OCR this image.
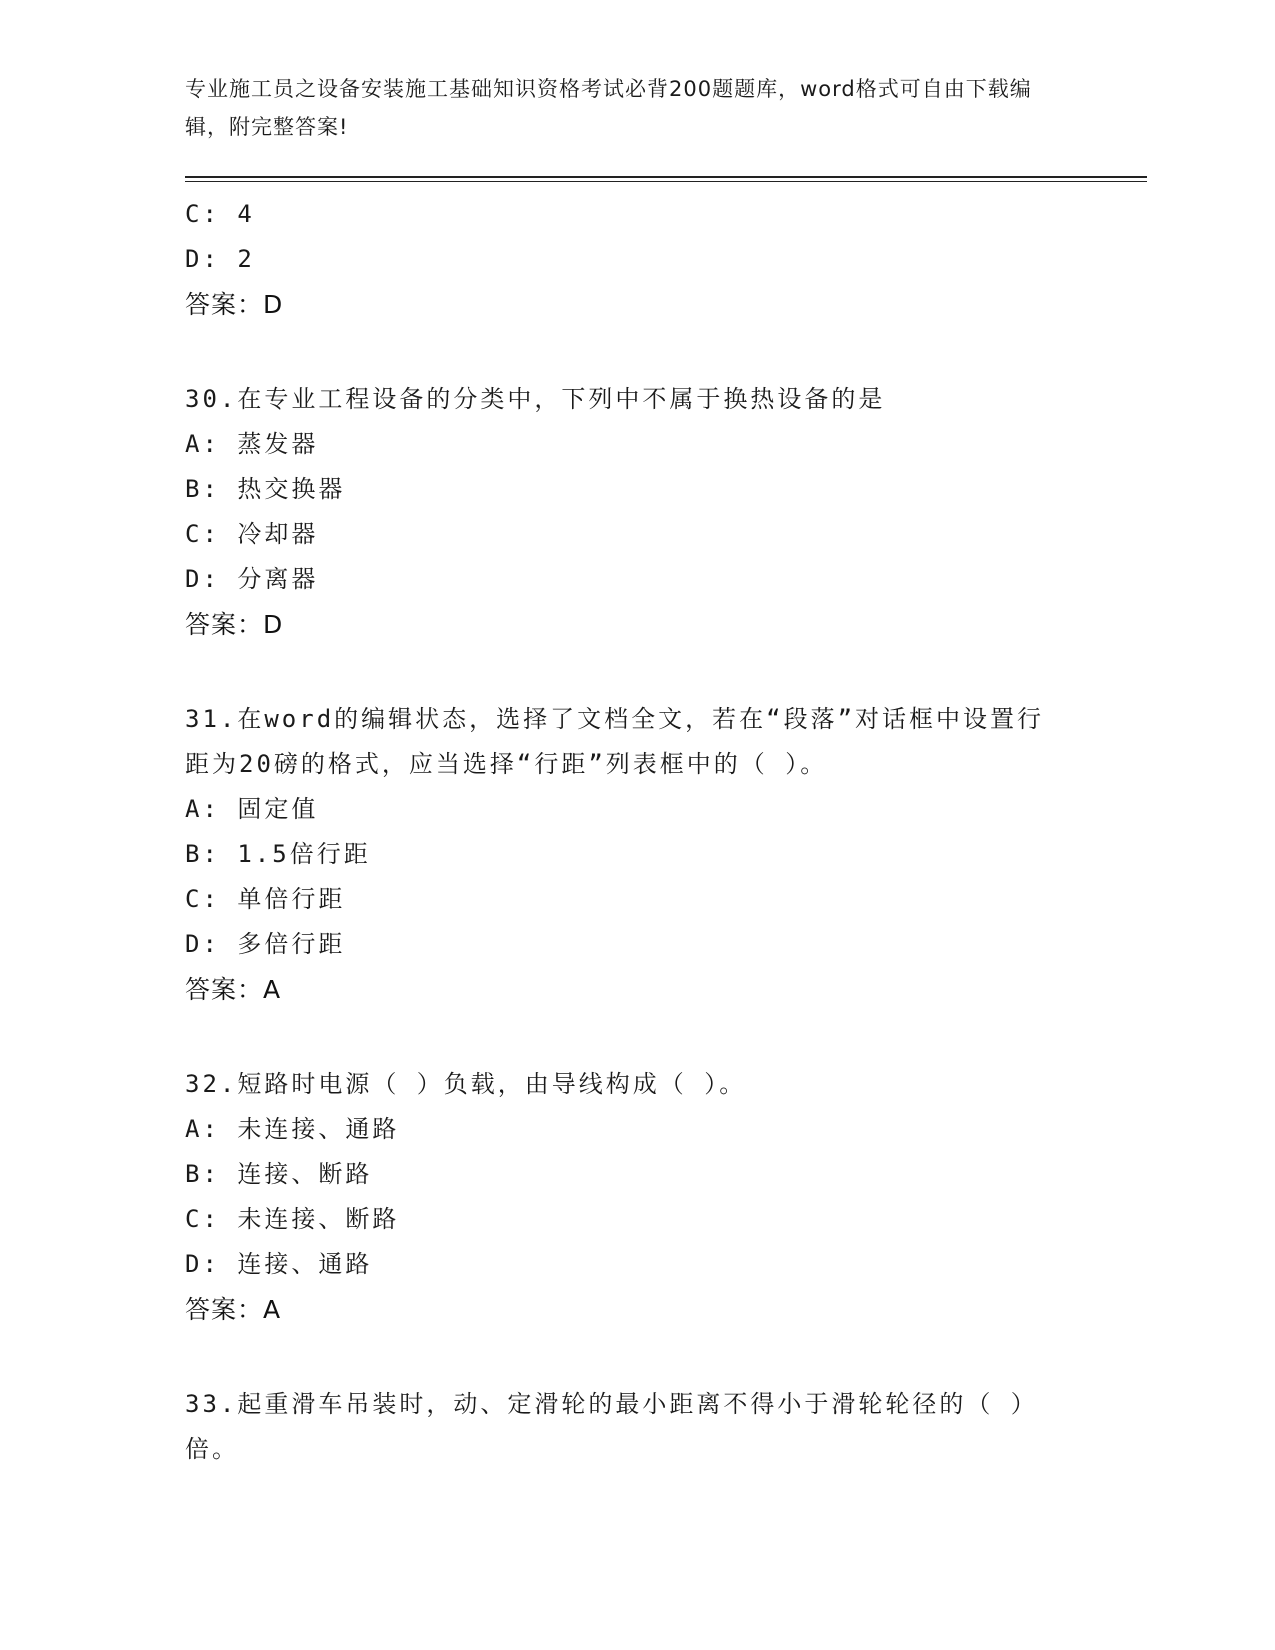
专业施工员之设备安装施工基础知识资格考试必背200题题库，word格式可自由下载编辑，附完整答案!
C: 4
D: 2
答案：D
30.在专业工程设备的分类中，下列中不属于换热设备的是
A: 蒸发器
B: 热交换器
C: 冷却器
D: 分离器
答案：D
31.在word的编辑状态，选择了文档全文，若在“段落”对话框中设置行距为20磅的格式，应当选择“行距”列表框中的（ ）。
A: 固定值
B: 1.5倍行距
C: 单倍行距
D: 多倍行距
答案：A
32.短路时电源（ ）负载，由导线构成（ ）。
A: 未连接、通路
B: 连接、断路
C: 未连接、断路
D: 连接、通路
答案：A
33.起重滑车吊装时，动、定滑轮的最小距离不得小于滑轮轮径的（ ）倍。
